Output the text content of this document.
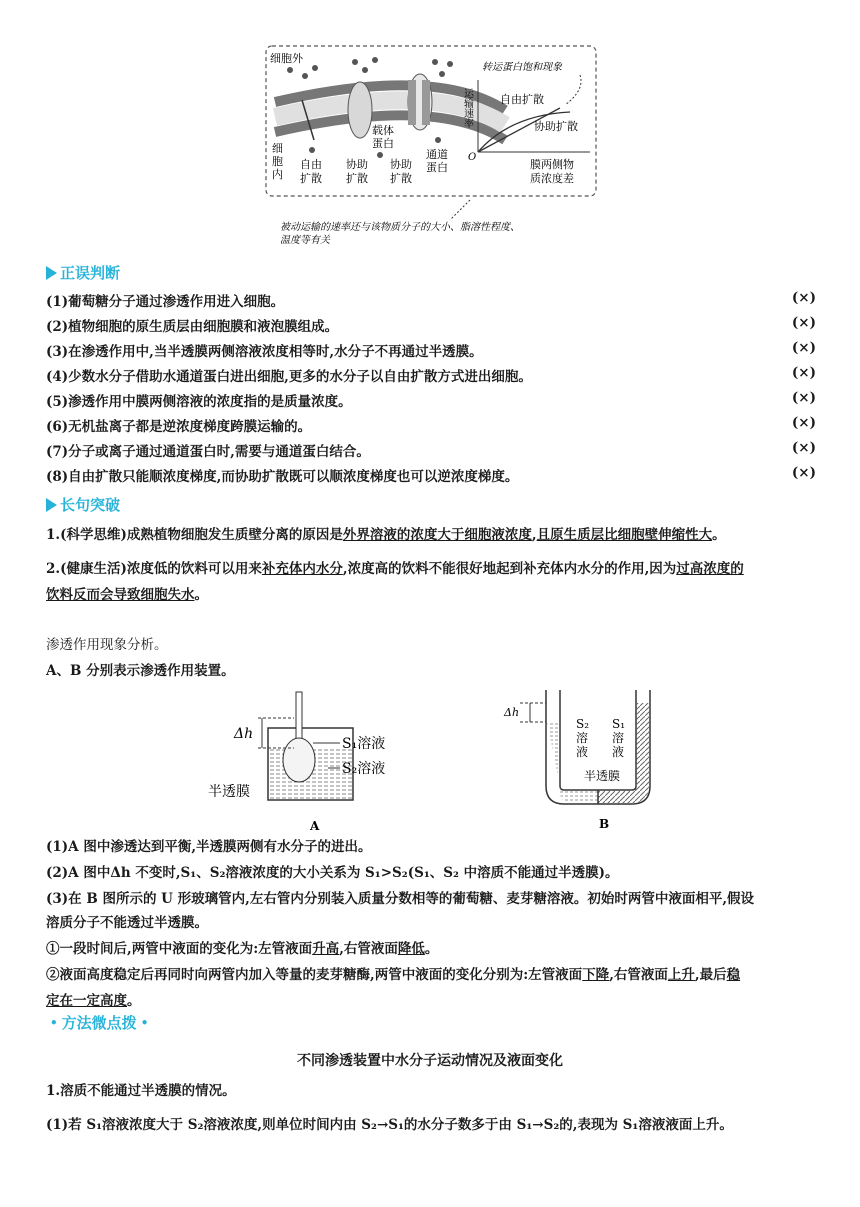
细胞外
细
胞
内
自由
扩散
载体
蛋白
协助
扩散
协助
扩散
通道
蛋白
O
运输速率	自由扩散
协助扩散
膜两侧物
质浓度差
转运蛋白饱和现象
被动运输的速率还与该物质分子的大小、脂溶性程度、
温度等有关
正误判断
(1)葡萄糖分子通过渗透作用进入细胞。	(×)
(2)植物细胞的原生质层由细胞膜和液泡膜组成。	(×)
(3)在渗透作用中,当半透膜两侧溶液浓度相等时,水分子不再通过半透膜。	(×)
(4)少数水分子借助水通道蛋白进出细胞,更多的水分子以自由扩散方式进出细胞。	(×)
(5)渗透作用中膜两侧溶液的浓度指的是质量浓度。	(×)
(6)无机盐离子都是逆浓度梯度跨膜运输的。	(×)
(7)分子或离子通过通道蛋白时,需要与通道蛋白结合。	(×)
(8)自由扩散只能顺浓度梯度,而协助扩散既可以顺浓度梯度也可以逆浓度梯度。	(×)
长句突破
1.(科学思维)成熟植物细胞发生质壁分离的原因是外界溶液的浓度大于细胞液浓度,且原生质层比细胞壁伸缩性大。
2.(健康生活)浓度低的饮料可以用来补充体内水分,浓度高的饮料不能很好地起到补充体内水分的作用,因为过高浓度的
饮料反而会导致细胞失水。
渗透作用现象分析。
A、B 分别表示渗透作用装置。
Δh
S₁溶液
S₂溶液
半透膜
A
Δh
S₂
溶
液
S₁
溶
液
半透膜
B
(1)A 图中渗透达到平衡,半透膜两侧有水分子的进出。
(2)A 图中Δh 不变时,S₁、S₂溶液浓度的大小关系为 S₁>S₂(S₁、S₂ 中溶质不能通过半透膜)。
(3)在 B 图所示的 U 形玻璃管内,左右管内分别装入质量分数相等的葡萄糖、麦芽糖溶液。初始时两管中液面相平,假设
溶质分子不能透过半透膜。
①一段时间后,两管中液面的变化为:左管液面升高,右管液面降低。
②液面高度稳定后再同时向两管内加入等量的麦芽糖酶,两管中液面的变化分别为:左管液面下降,右管液面上升,最后稳
定在一定高度。
• 方法微点拨 •
不同渗透装置中水分子运动情况及液面变化
1.溶质不能通过半透膜的情况。
(1)若 S₁溶液浓度大于 S₂溶液浓度,则单位时间内由 S₂→S₁的水分子数多于由 S₁→S₂的,表现为 S₁溶液液面上升。
